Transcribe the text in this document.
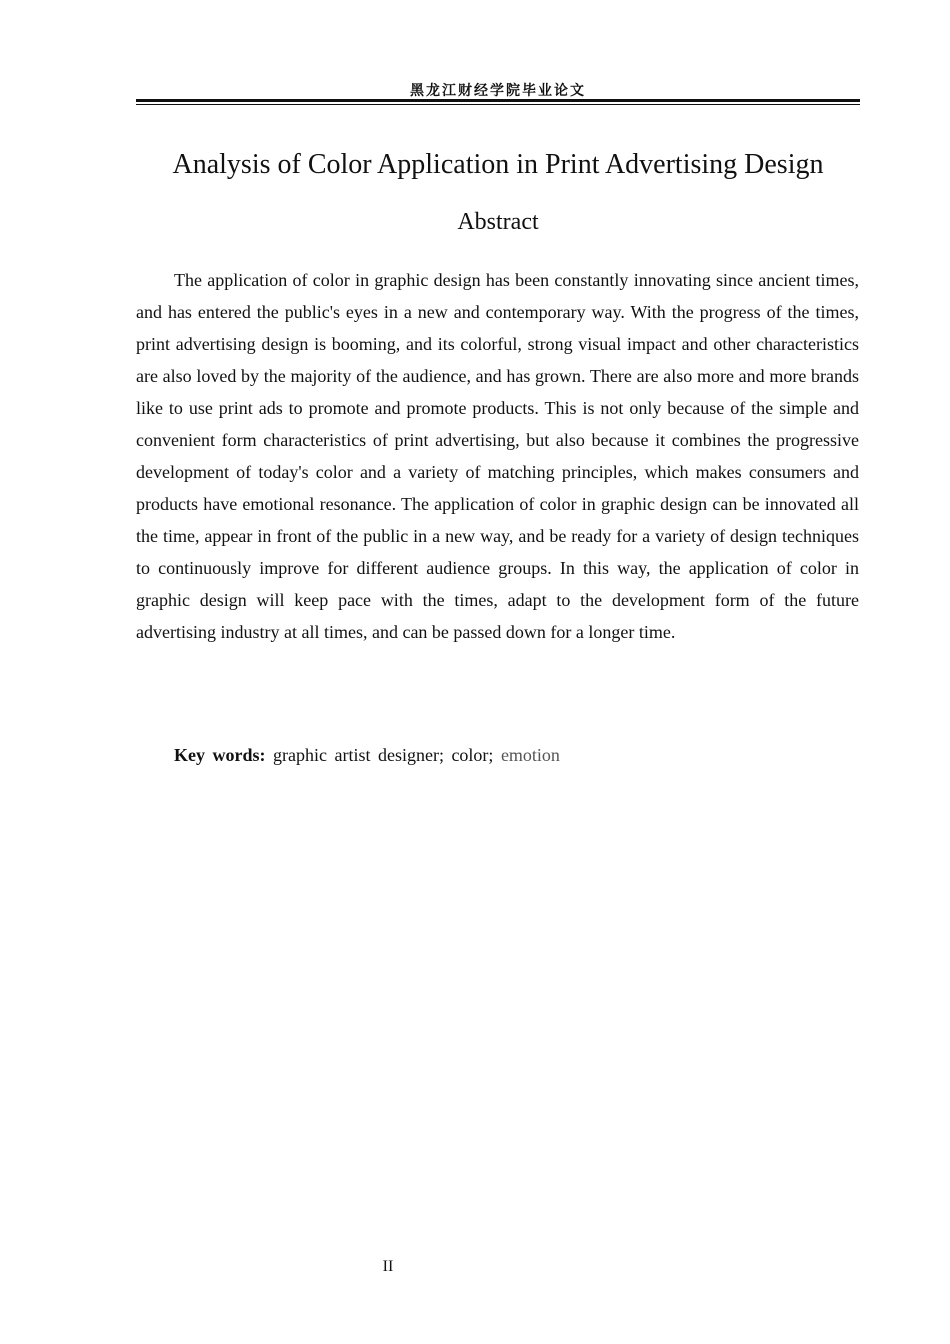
黑龙江财经学院毕业论文
Analysis of Color Application in Print Advertising Design
Abstract

The application of color in graphic design has been constantly innovating since ancient times, and has entered the public's eyes in a new and contemporary way. With the progress of the times, print advertising design is booming, and its colorful, strong visual impact and other characteristics are also loved by the majority of the audience, and has grown. There are also more and more brands like to use print ads to promote and promote products. This is not only because of the simple and convenient form characteristics of print advertising, but also because it combines the progressive development of today's color and a variety of matching principles, which makes consumers and products have emotional resonance. The application of color in graphic design can be innovated all the time, appear in front of the public in a new way, and be ready for a variety of design techniques to continuously improve for different audience groups. In this way, the application of color in graphic design will keep pace with the times, adapt to the development form of the future advertising industry at all times, and can be passed down for a longer time.

Key words: graphic artist designer; color; emotion

II
